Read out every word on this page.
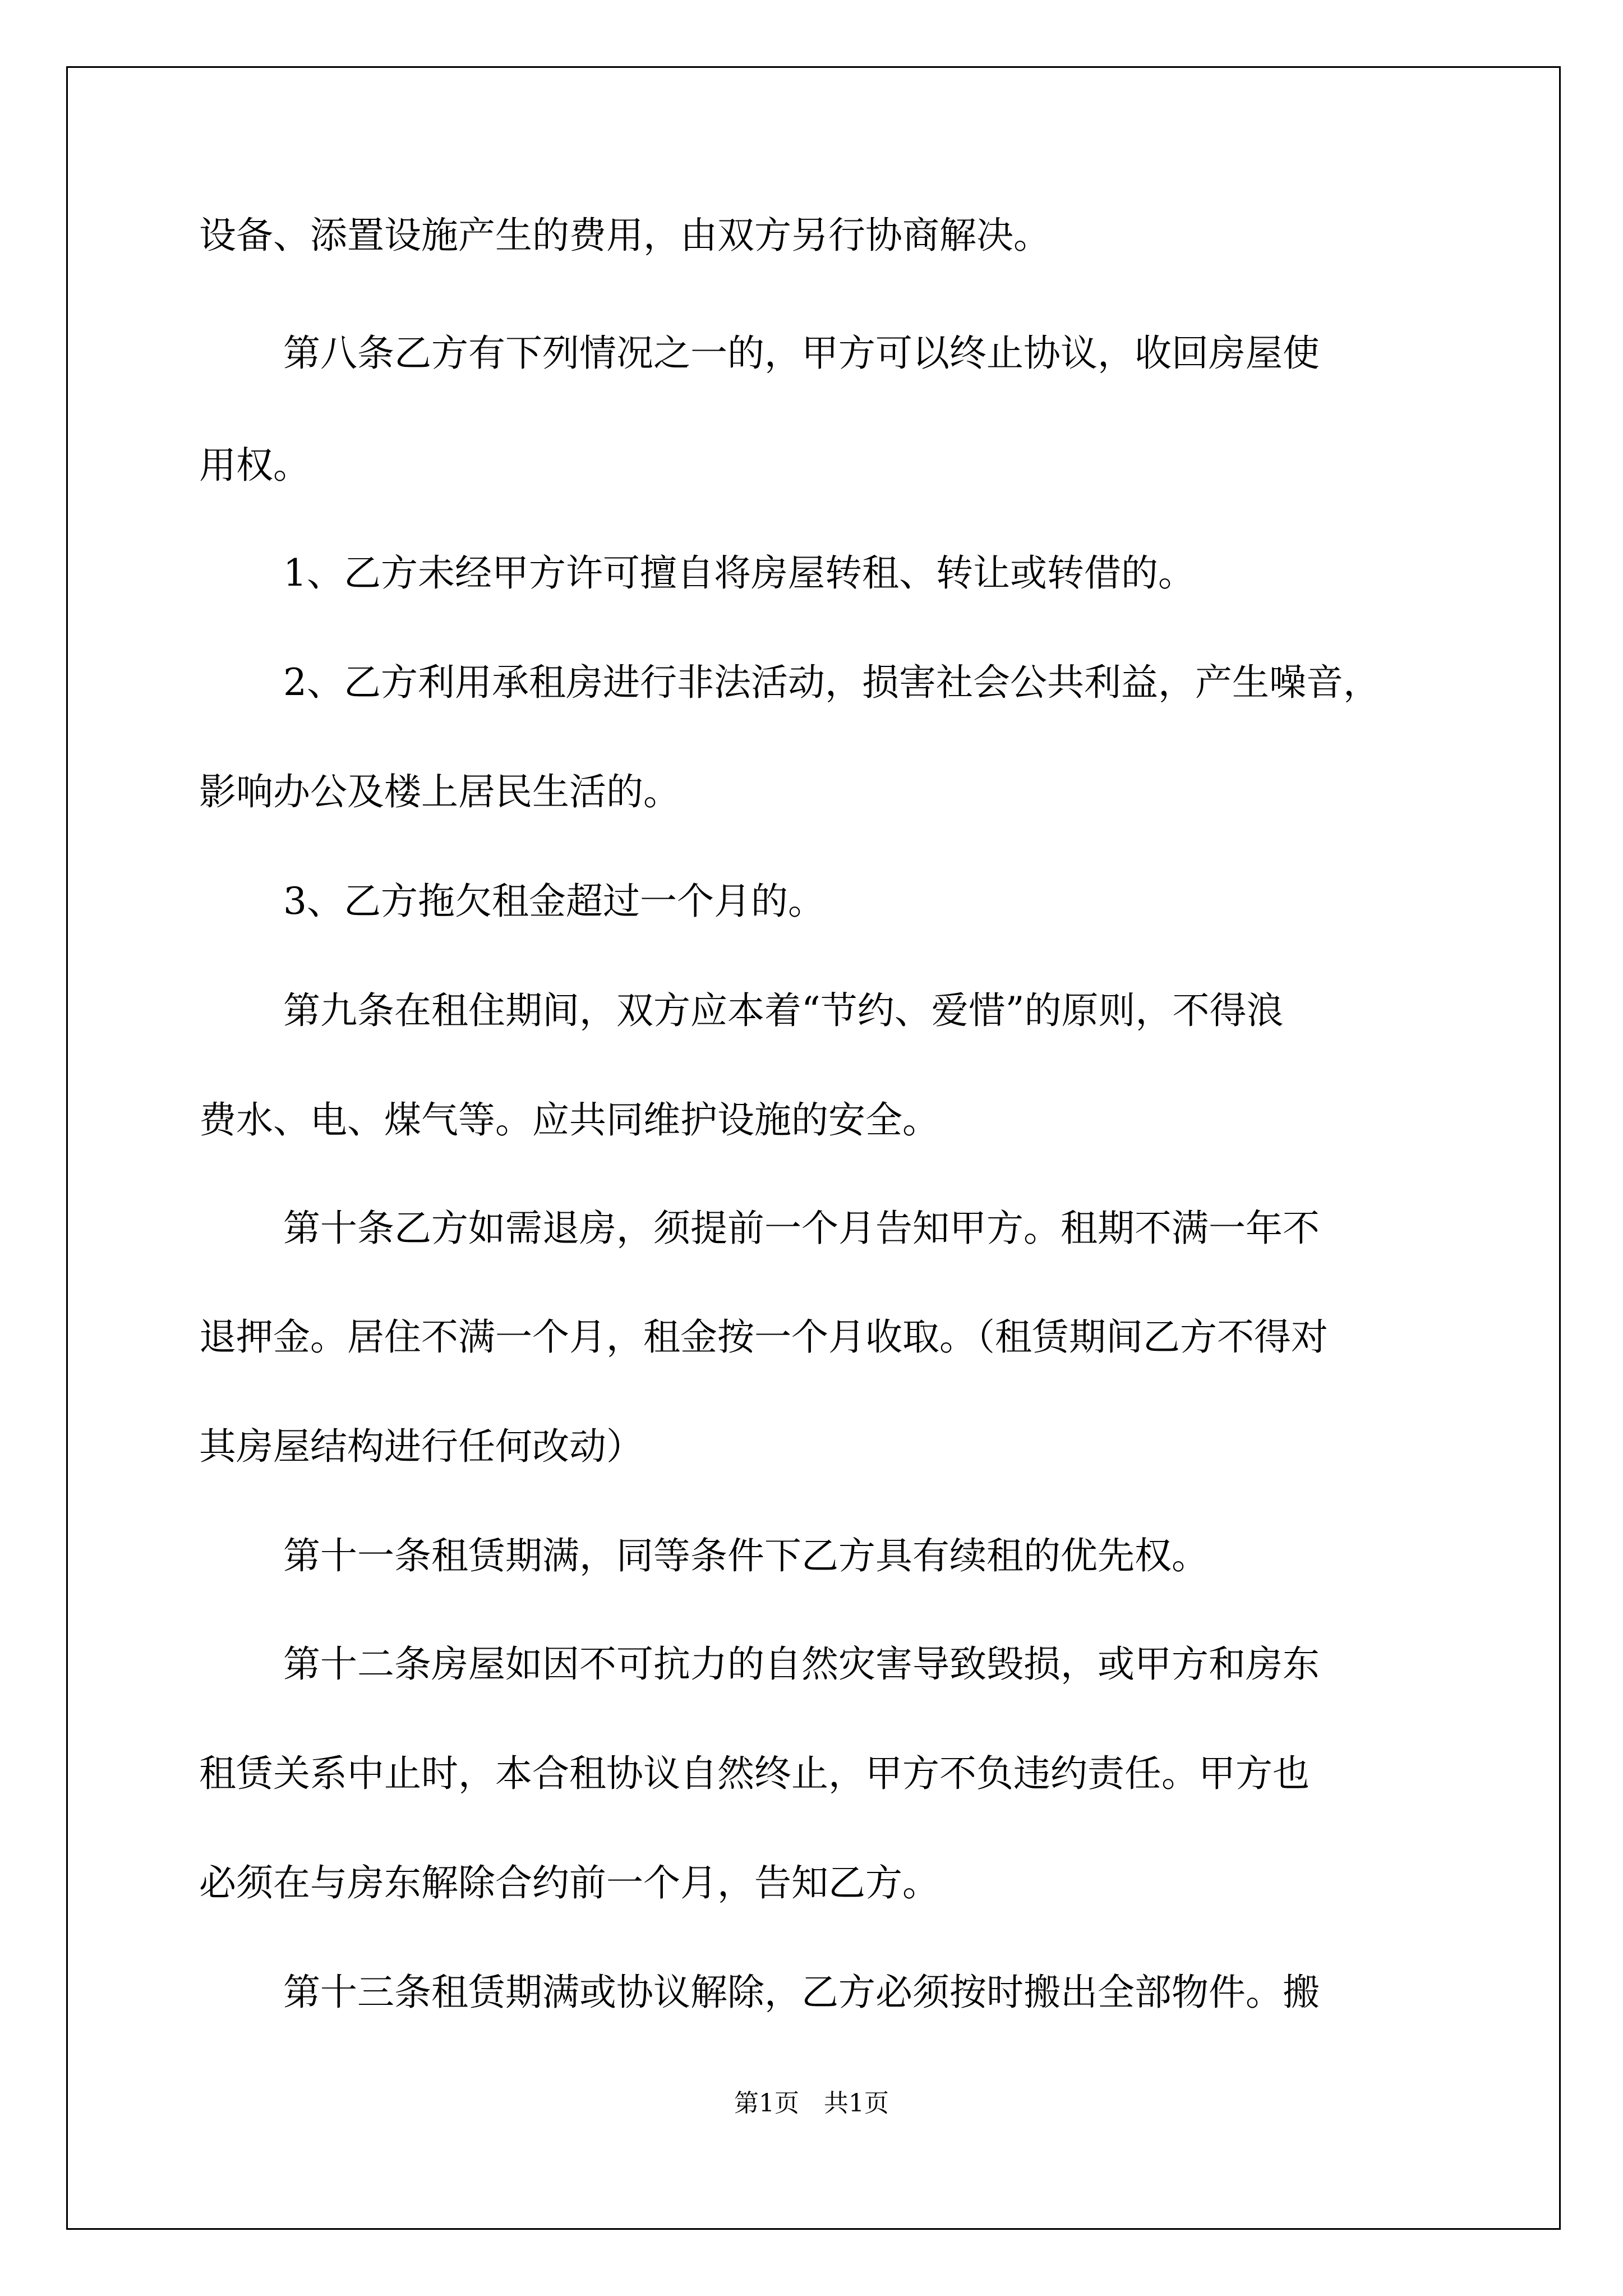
设备、添置设施产生的费用，由双方另行协商解决。
第八条乙方有下列情况之一的，甲方可以终止协议，收回房屋使
用权。
1、乙方未经甲方许可擅自将房屋转租、转让或转借的。
2、乙方利用承租房进行非法活动，损害社会公共利益，产生噪音，
影响办公及楼上居民生活的。
3、乙方拖欠租金超过一个月的。
第九条在租住期间，双方应本着“节约、爱惜”的原则，不得浪
费水、电、煤气等。应共同维护设施的安全。
第十条乙方如需退房，须提前一个月告知甲方。租期不满一年不
退押金。居住不满一个月，租金按一个月收取。（租赁期间乙方不得对
其房屋结构进行任何改动）
第十一条租赁期满，同等条件下乙方具有续租的优先权。
第十二条房屋如因不可抗力的自然灾害导致毁损，或甲方和房东
租赁关系中止时，本合租协议自然终止，甲方不负违约责任。甲方也
必须在与房东解除合约前一个月，告知乙方。
第十三条租赁期满或协议解除，乙方必须按时搬出全部物件。搬
第1页　共1页
